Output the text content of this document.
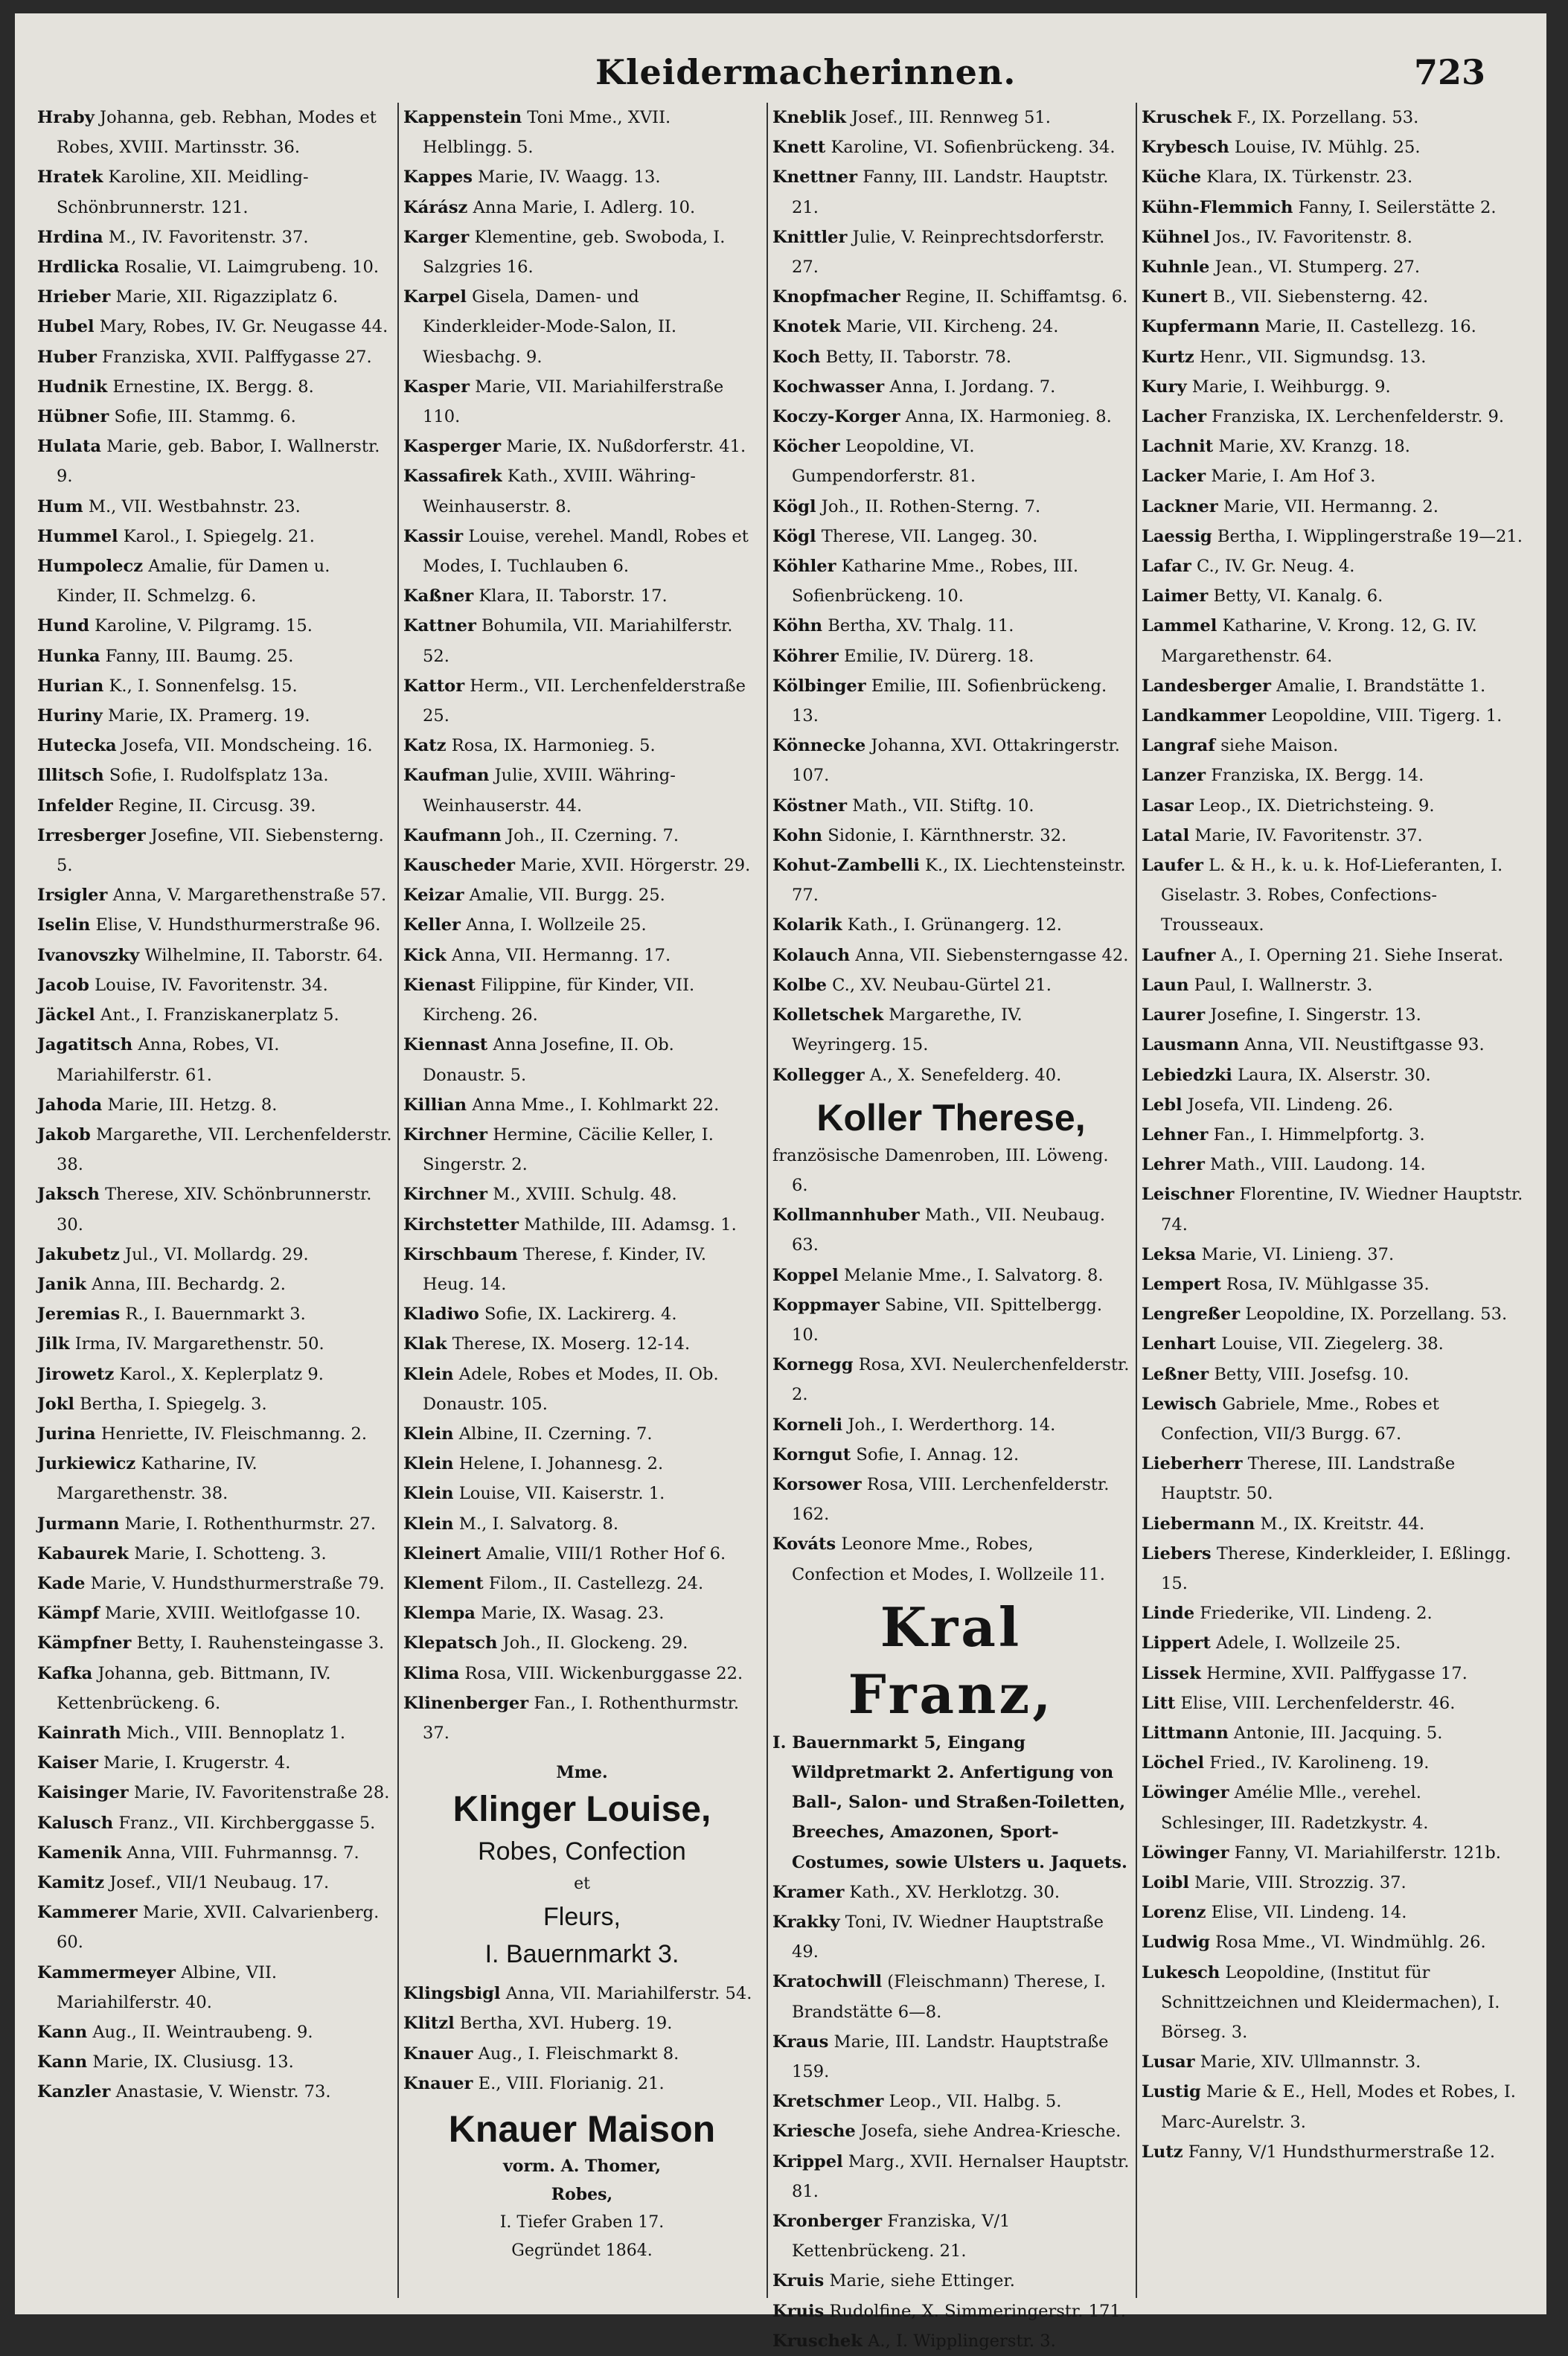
Kleidermacherinnen.	723

Hraby Johanna, geb. Rebhan, Modes et Robes, XVIII. Martinsstr. 36.

Hratek Karoline, XII. Meidling-Schönbrunnerstr. 121.

Hrdina M., IV. Favoritenstr. 37.

Hrdlicka Rosalie, VI. Laimgrubeng. 10.

Hrieber Marie, XII. Rigazziplatz 6.

Hubel Mary, Robes, IV. Gr. Neugasse 44.

Huber Franziska, XVII. Palffygasse 27.

Hudnik Ernestine, IX. Bergg. 8.

Hübner Sofie, III. Stammg. 6.

Hulata Marie, geb. Babor, I. Wallnerstr. 9.

Hum M., VII. Westbahnstr. 23.

Hummel Karol., I. Spiegelg. 21.

Humpolecz Amalie, für Damen u. Kinder, II. Schmelzg. 6.

Hund Karoline, V. Pilgramg. 15.

Hunka Fanny, III. Baumg. 25.

Hurian K., I. Sonnenfelsg. 15.

Huriny Marie, IX. Pramerg. 19.

Hutecka Josefa, VII. Mondscheing. 16.

Illitsch Sofie, I. Rudolfsplatz 13a.

Infelder Regine, II. Circusg. 39.

Irresberger Josefine, VII. Siebensterng. 5.

Irsigler Anna, V. Margarethenstraße 57.

Iselin Elise, V. Hundsthurmerstraße 96.

Ivanovszky Wilhelmine, II. Taborstr. 64.

Jacob Louise, IV. Favoritenstr. 34.

Jäckel Ant., I. Franziskanerplatz 5.

Jagatitsch Anna, Robes, VI. Mariahilferstr. 61.

Jahoda Marie, III. Hetzg. 8.

Jakob Margarethe, VII. Lerchenfelderstr. 38.

Jaksch Therese, XIV. Schönbrunnerstr. 30.

Jakubetz Jul., VI. Mollardg. 29.

Janik Anna, III. Bechardg. 2.

Jeremias R., I. Bauernmarkt 3.

Jilk Irma, IV. Margarethenstr. 50.

Jirowetz Karol., X. Keplerplatz 9.

Jokl Bertha, I. Spiegelg. 3.

Jurina Henriette, IV. Fleischmanng. 2.

Jurkiewicz Katharine, IV. Margarethenstr. 38.

Jurmann Marie, I. Rothenthurmstr. 27.

Kabaurek Marie, I. Schotteng. 3.

Kade Marie, V. Hundsthurmerstraße 79.

Kämpf Marie, XVIII. Weitlofgasse 10.

Kämpfner Betty, I. Rauhensteingasse 3.

Kafka Johanna, geb. Bittmann, IV. Kettenbrückeng. 6.

Kainrath Mich., VIII. Bennoplatz 1.

Kaiser Marie, I. Krugerstr. 4.

Kaisinger Marie, IV. Favoritenstraße 28.

Kalusch Franz., VII. Kirchberggasse 5.

Kamenik Anna, VIII. Fuhrmannsg. 7.

Kamitz Josef., VII/1 Neubaug. 17.

Kammerer Marie, XVII. Calvarienberg. 60.

Kammermeyer Albine, VII. Mariahilferstr. 40.

Kann Aug., II. Weintraubeng. 9.

Kann Marie, IX. Clusiusg. 13.

Kanzler Anastasie, V. Wienstr. 73.

Kappenstein Toni Mme., XVII. Helblingg. 5.

Kappes Marie, IV. Waagg. 13.

Kárász Anna Marie, I. Adlerg. 10.

Karger Klementine, geb. Swoboda, I. Salzgries 16.

Karpel Gisela, Damen- und Kinderkleider-Mode-Salon, II. Wiesbachg. 9.

Kasper Marie, VII. Mariahilferstraße 110.

Kasperger Marie, IX. Nußdorferstr. 41.

Kassafirek Kath., XVIII. Währing-Weinhauserstr. 8.

Kassir Louise, verehel. Mandl, Robes et Modes, I. Tuchlauben 6.

Kaßner Klara, II. Taborstr. 17.

Kattner Bohumila, VII. Mariahilferstr. 52.

Kattor Herm., VII. Lerchenfelderstraße 25.

Katz Rosa, IX. Harmonieg. 5.

Kaufman Julie, XVIII. Währing-Weinhauserstr. 44.

Kaufmann Joh., II. Czerning. 7.

Kauscheder Marie, XVII. Hörgerstr. 29.

Keizar Amalie, VII. Burgg. 25.

Keller Anna, I. Wollzeile 25.

Kick Anna, VII. Hermanng. 17.

Kienast Filippine, für Kinder, VII. Kircheng. 26.

Kiennast Anna Josefine, II. Ob. Donaustr. 5.

Killian Anna Mme., I. Kohlmarkt 22.

Kirchner Hermine, Cäcilie Keller, I. Singerstr. 2.

Kirchner M., XVIII. Schulg. 48.

Kirchstetter Mathilde, III. Adamsg. 1.

Kirschbaum Therese, f. Kinder, IV. Heug. 14.

Kladiwo Sofie, IX. Lackirerg. 4.

Klak Therese, IX. Moserg. 12-14.

Klein Adele, Robes et Modes, II. Ob. Donaustr. 105.

Klein Albine, II. Czerning. 7.

Klein Helene, I. Johannesg. 2.

Klein Louise, VII. Kaiserstr. 1.

Klein M., I. Salvatorg. 8.

Kleinert Amalie, VIII/1 Rother Hof 6.

Klement Filom., II. Castellezg. 24.

Klempa Marie, IX. Wasag. 23.

Klepatsch Joh., II. Glockeng. 29.

Klima Rosa, VIII. Wickenburggasse 22.

Klinenberger Fan., I. Rothenthurmstr. 37.

Mme.
Klinger Louise,
Robes, Confection
et
Fleurs,
I. Bauernmarkt 3.

Klingsbigl Anna, VII. Mariahilferstr. 54.

Klitzl Bertha, XVI. Huberg. 19.

Knauer Aug., I. Fleischmarkt 8.

Knauer E., VIII. Florianig. 21.

Knauer Maison
vorm. A. Thomer,
Robes,
I. Tiefer Graben 17.
Gegründet 1864.

Kneblik Josef., III. Rennweg 51.

Knett Karoline, VI. Sofienbrückeng. 34.

Knettner Fanny, III. Landstr. Hauptstr. 21.

Knittler Julie, V. Reinprechtsdorferstr. 27.

Knopfmacher Regine, II. Schiffamtsg. 6.

Knotek Marie, VII. Kircheng. 24.

Koch Betty, II. Taborstr. 78.

Kochwasser Anna, I. Jordang. 7.

Koczy-Korger Anna, IX. Harmonieg. 8.

Köcher Leopoldine, VI. Gumpendorferstr. 81.

Kögl Joh., II. Rothen-Sterng. 7.

Kögl Therese, VII. Langeg. 30.

Köhler Katharine Mme., Robes, III. Sofienbrückeng. 10.

Köhn Bertha, XV. Thalg. 11.

Köhrer Emilie, IV. Dürerg. 18.

Kölbinger Emilie, III. Sofienbrückeng. 13.

Könnecke Johanna, XVI. Ottakringerstr. 107.

Köstner Math., VII. Stiftg. 10.

Kohn Sidonie, I. Kärnthnerstr. 32.

Kohut-Zambelli K., IX. Liechtensteinstr. 77.

Kolarik Kath., I. Grünangerg. 12.

Kolauch Anna, VII. Siebensterngasse 42.

Kolbe C., XV. Neubau-Gürtel 21.

Kolletschek Margarethe, IV. Weyringerg. 15.

Kollegger A., X. Senefelderg. 40.

Koller Therese,

französische Damenroben, III. Löweng. 6.

Kollmannhuber Math., VII. Neubaug. 63.

Koppel Melanie Mme., I. Salvatorg. 8.

Koppmayer Sabine, VII. Spittelbergg. 10.

Kornegg Rosa, XVI. Neulerchenfelderstr. 2.

Korneli Joh., I. Werderthorg. 14.

Korngut Sofie, I. Annag. 12.

Korsower Rosa, VIII. Lerchenfelderstr. 162.

Kováts Leonore Mme., Robes, Confection et Modes, I. Wollzeile 11.

Kral Franz,

I. Bauernmarkt 5, Eingang Wildpretmarkt 2. Anfertigung von Ball-, Salon- und Straßen-Toiletten, Breeches, Amazonen, Sport-Costumes, sowie Ulsters u. Jaquets.

Kramer Kath., XV. Herklotzg. 30.

Krakky Toni, IV. Wiedner Hauptstraße 49.

Kratochwill (Fleischmann) Therese, I. Brandstätte 6—8.

Kraus Marie, III. Landstr. Hauptstraße 159.

Kretschmer Leop., VII. Halbg. 5.

Kriesche Josefa, siehe Andrea-Kriesche.

Krippel Marg., XVII. Hernalser Hauptstr. 81.

Kronberger Franziska, V/1 Kettenbrückeng. 21.

Kruis Marie, siehe Ettinger.

Kruis Rudolfine, X. Simmeringerstr. 171.

Kruschek A., I. Wipplingerstr. 3.

Kruschek F., IX. Porzellang. 53.

Krybesch Louise, IV. Mühlg. 25.

Küche Klara, IX. Türkenstr. 23.

Kühn-Flemmich Fanny, I. Seilerstätte 2.

Kühnel Jos., IV. Favoritenstr. 8.

Kuhnle Jean., VI. Stumperg. 27.

Kunert B., VII. Siebensterng. 42.

Kupfermann Marie, II. Castellezg. 16.

Kurtz Henr., VII. Sigmundsg. 13.

Kury Marie, I. Weihburgg. 9.

Lacher Franziska, IX. Lerchenfelderstr. 9.

Lachnit Marie, XV. Kranzg. 18.

Lacker Marie, I. Am Hof 3.

Lackner Marie, VII. Hermanng. 2.

Laessig Bertha, I. Wipplingerstraße 19—21.

Lafar C., IV. Gr. Neug. 4.

Laimer Betty, VI. Kanalg. 6.

Lammel Katharine, V. Krong. 12, G. IV. Margarethenstr. 64.

Landesberger Amalie, I. Brandstätte 1.

Landkammer Leopoldine, VIII. Tigerg. 1.

Langraf siehe Maison.

Lanzer Franziska, IX. Bergg. 14.

Lasar Leop., IX. Dietrichsteing. 9.

Latal Marie, IV. Favoritenstr. 37.

Laufer L. & H., k. u. k. Hof-Lieferanten, I. Giselastr. 3. Robes, Confections-Trousseaux.

Laufner A., I. Operning 21. Siehe Inserat.

Laun Paul, I. Wallnerstr. 3.

Laurer Josefine, I. Singerstr. 13.

Lausmann Anna, VII. Neustiftgasse 93.

Lebiedzki Laura, IX. Alserstr. 30.

Lebl Josefa, VII. Lindeng. 26.

Lehner Fan., I. Himmelpfortg. 3.

Lehrer Math., VIII. Laudong. 14.

Leischner Florentine, IV. Wiedner Hauptstr. 74.

Leksa Marie, VI. Linieng. 37.

Lempert Rosa, IV. Mühlgasse 35.

Lengreßer Leopoldine, IX. Porzellang. 53.

Lenhart Louise, VII. Ziegelerg. 38.

Leßner Betty, VIII. Josefsg. 10.

Lewisch Gabriele, Mme., Robes et Confection, VII/3 Burgg. 67.

Lieberherr Therese, III. Landstraße Hauptstr. 50.

Liebermann M., IX. Kreitstr. 44.

Liebers Therese, Kinderkleider, I. Eßlingg. 15.

Linde Friederike, VII. Lindeng. 2.

Lippert Adele, I. Wollzeile 25.

Lissek Hermine, XVII. Palffygasse 17.

Litt Elise, VIII. Lerchenfelderstr. 46.

Littmann Antonie, III. Jacquing. 5.

Löchel Fried., IV. Karolineng. 19.

Löwinger Amélie Mlle., verehel. Schlesinger, III. Radetzkystr. 4.

Löwinger Fanny, VI. Mariahilferstr. 121b.

Loibl Marie, VIII. Strozzig. 37.

Lorenz Elise, VII. Lindeng. 14.

Ludwig Rosa Mme., VI. Windmühlg. 26.

Lukesch Leopoldine, (Institut für Schnittzeichnen und Kleidermachen), I. Börseg. 3.

Lusar Marie, XIV. Ullmannstr. 3.

Lustig Marie & E., Hell, Modes et Robes, I. Marc-Aurelstr. 3.

Lutz Fanny, V/1 Hundsthurmerstraße 12.
